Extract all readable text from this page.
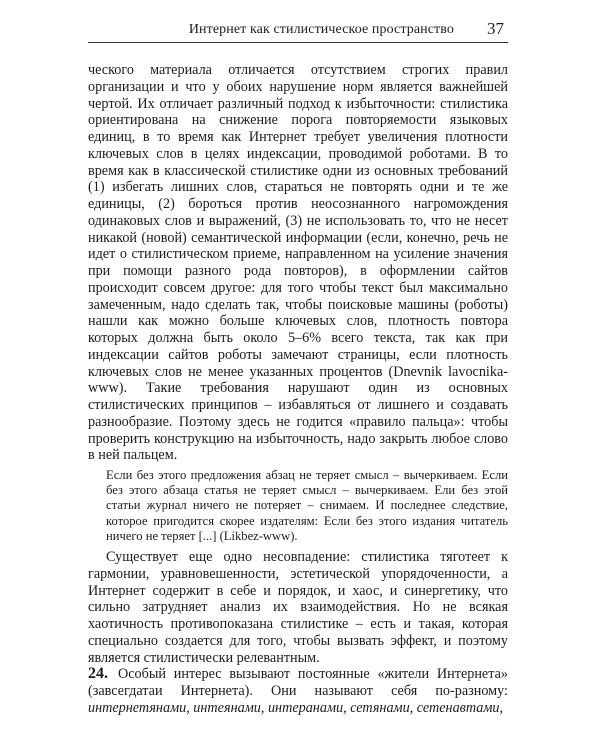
Интернет как стилистическое пространство 37

ческого материала отличается отсутствием строгих правил организации и что у обоих нарушение норм является важнейшей чертой. Их отличает различный подход к избыточности: стилистика ориентирована на снижение порога повторяемости языковых единиц, в то время как Интернет требует увеличения плотности ключевых слов в целях индексации, проводимой роботами. В то время как в классической стилистике одни из основных требований (1) избегать лишних слов, стараться не повторять одни и те же единицы, (2) бороться против неосознанного нагромождения одинаковых слов и выражений, (3) не использовать то, что не несет никакой (новой) семантической информации (если, конечно, речь не идет о стилистическом приеме, направленном на усиление значения при помощи разного рода повторов), в оформлении сайтов происходит совсем другое: для того чтобы текст был максимально замеченным, надо сделать так, чтобы поисковые машины (роботы) нашли как можно больше ключевых слов, плотность повтора которых должна быть около 5–6% всего текста, так как при индексации сайтов роботы замечают страницы, если плотность ключевых слов не менее указанных процентов (Dnevnik lavocnika-www). Такие требования нарушают один из основных стилистических принципов – избавляться от лишнего и создавать разнообразие. Поэтому здесь не годится «правило пальца»: чтобы проверить конструкцию на избыточность, надо закрыть любое слово в ней пальцем.

Если без этого предложения абзац не теряет смысл – вычеркиваем. Если без этого абзаца статья не теряет смысл – вычеркиваем. Ели без этой статьи журнал ничего не потеряет – снимаем. И последнее следствие, которое пригодится скорее издателям: Если без этого издания читатель ничего не теряет [...] (Likbez-www).

Существует еще одно несовпадение: стилистика тяготеет к гармонии, уравновешенности, эстетической упорядоченности, а Интернет содержит в себе и порядок, и хаос, и синергетику, что сильно затрудняет анализ их взаимодействия. Но не всякая хаотичность противопоказана стилистике – есть и такая, которая специально создается для того, чтобы вызвать эффект, и поэтому является стилистически релевантным.

24. Особый интерес вызывают постоянные «жители Интернета» (завсегдатаи Интернета). Они называют себя по-разному: интернетянами, интеянами, интеранами, сетянами, сетенавтами,
